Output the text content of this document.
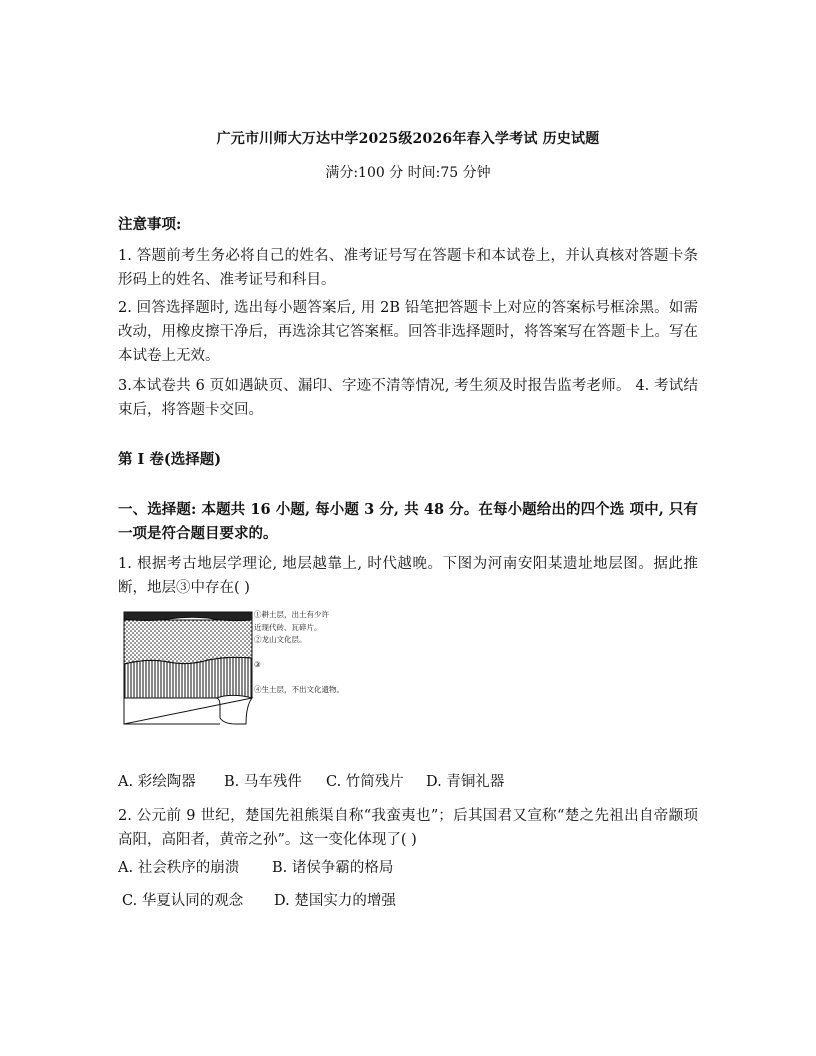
广元市川师大万达中学2025级2026年春入学考试 历史试题
满分:100 分 时间:75 分钟
注意事项:
1. 答题前考生务必将自己的姓名、准考证号写在答题卡和本试卷上，并认真核对答题卡条形码上的姓名、准考证号和科目。
2. 回答选择题时, 选出每小题答案后, 用 2B 铅笔把答题卡上对应的答案标号框涂黑。如需改动，用橡皮擦干净后，再选涂其它答案框。回答非选择题时，将答案写在答题卡上。写在本试卷上无效。
3.本试卷共 6 页如遇缺页、漏印、字迹不清等情况, 考生须及时报告监考老师。 4. 考试结束后，将答题卡交回。
第 I 卷(选择题)
一、选择题: 本题共 16 小题, 每小题 3 分, 共 48 分。在每小题给出的四个选 项中, 只有一项是符合题目要求的。
1. 根据考古地层学理论, 地层越靠上, 时代越晚。下图为河南安阳某遗址地层图。据此推断，地层③中存在( )
①耕土层，出土有少许
近现代砖、瓦碎片。
②龙山文化层。
③
④生土层，不出文化遗物。
A. 彩绘陶器 B. 马车残件 C. 竹简残片 D. 青铜礼器
2. 公元前 9 世纪，楚国先祖熊渠自称“我蛮夷也”；后其国君又宣称“楚之先祖出自帝颛顼高阳，高阳者，黄帝之孙”。这一变化体现了( )
A. 社会秩序的崩溃 B. 诸侯争霸的格局
C. 华夏认同的观念 D. 楚国实力的增强
